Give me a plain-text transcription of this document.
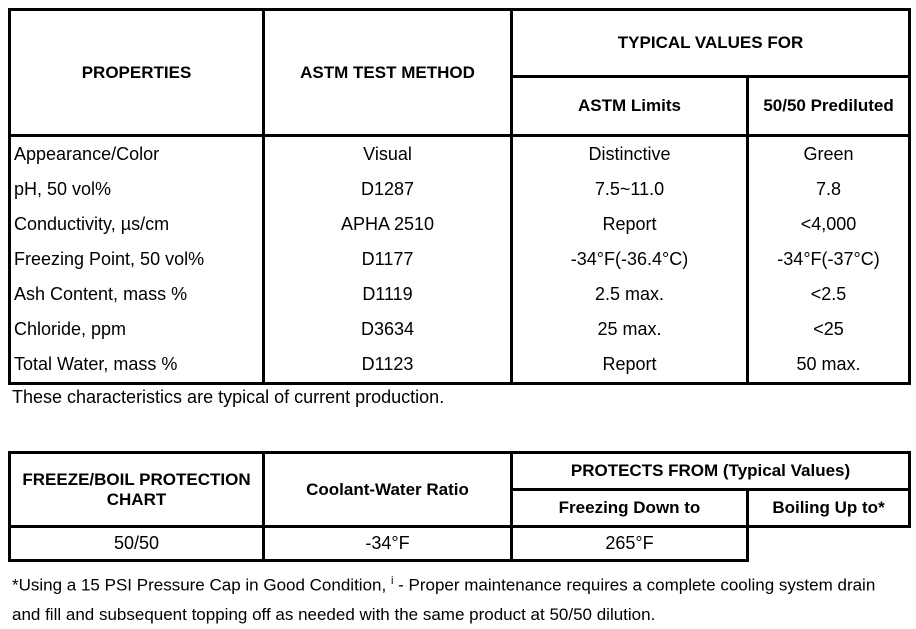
PROPERTIES	ASTM TEST METHOD	TYPICAL VALUES FOR	
		ASTM Limits	50/50 Prediluted
Appearance/Color	Visual	Distinctive	Green
pH, 50 vol%	D1287	7.5~11.0	7.8
Conductivity, µs/cm	APHA 2510	Report	<4,000
Freezing Point, 50 vol%	D1177	-34°F(-36.4°C)	-34°F(-37°C)
Ash Content, mass %	D1119	2.5 max.	<2.5
Chloride, ppm	D3634	25 max.	<25
Total Water, mass %	D1123	Report	50 max.
These characteristics are typical of current production.
FREEZE/BOIL PROTECTION CHART	Coolant-Water Ratio	PROTECTS FROM (Typical Values)	
		Freezing Down to	Boiling Up to*
50/50	-34°F	265°F	
*Using a 15 PSI Pressure Cap in Good Condition, $^i$ - Proper maintenance requires a complete cooling system drain and fill and subsequent topping off as needed with the same product at 50/50 dilution.
